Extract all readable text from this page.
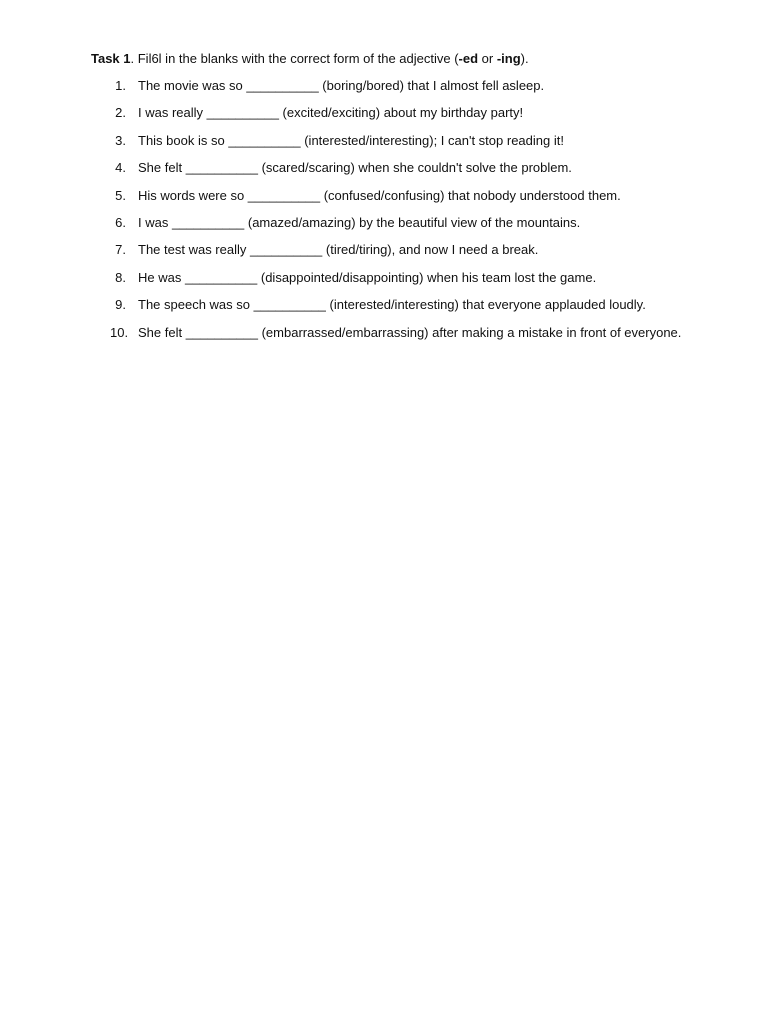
Task 1. Fil6l in the blanks with the correct form of the adjective (-ed or -ing).
1. The movie was so __________ (boring/bored) that I almost fell asleep.
2. I was really __________ (excited/exciting) about my birthday party!
3. This book is so __________ (interested/interesting); I can't stop reading it!
4. She felt __________ (scared/scaring) when she couldn't solve the problem.
5. His words were so __________ (confused/confusing) that nobody understood them.
6. I was __________ (amazed/amazing) by the beautiful view of the mountains.
7. The test was really __________ (tired/tiring), and now I need a break.
8. He was __________ (disappointed/disappointing) when his team lost the game.
9. The speech was so __________ (interested/interesting) that everyone applauded loudly.
10. She felt __________ (embarrassed/embarrassing) after making a mistake in front of everyone.
